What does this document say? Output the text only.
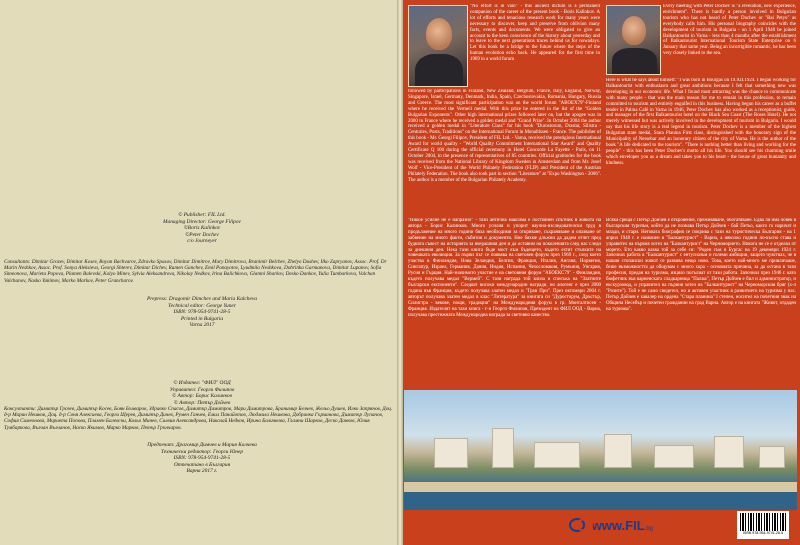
© Publisher: FIL Ltd.
Managing Director: George Filipov
©Boris Kalinkov
©Peter Dochev
c/o Journeyer
Consultants: Dimitar Grozev, Dimitar Kosev, Boyan Bachvarov, Zdravko Spasov, Dimitar Dimitrov, Mary Dimitrova, Branimir Belchev, Zhelyo Dushev, Ilko Zapryanov, Assoc. Prof. Dr Marin Neshkov, Assoc. Prof. Sonya Aleksieva, Georgi Shterev, Dimitar Dichev, Rumen Ganchev, Emil Panayotov, Lyudmila Neshkova, Dobrinka Garmanova, Dimitar Lupanov, Sofia Simeonova, Marieta Popova, Plamen Balevski, Kolyo Minev, Sylvia Aleksandrova, Nikolay Nedkov, Irina Balichkova, Glamni Sharkov, Desko Dankov, Yulia Tumbarkova, Valchan Valchanov, Nasko Yakimov, Marko Markov, Peter Grancharov.
Prepress: Dragomir Dimchev and Maria Kalcheva
Technical editor: George Yuner
ISBN: 978-954-9741-28-5
Printed in Bulgaria
Varna 2017
© Издател: "ФИЛ" ООД
Управител: Георги Филипов
© Автор: Борис Калинков
© Автор: Петър Дойчев
Консултанти: Димитър Грозев, Димитър Косев, Боян Бъчваров, Здравко Спасов, Димитър Димитров, Мари Димитрова, Бранимир Белчев, Жельо Душев, Илко Запрянов, Доц. д-р Марин Нешков, Доц. д-р Соня Алексиева, Георги Щерев, Димитър Дичев, Румен Ганчев, Емил Панайотов, Людмила Нешкова, Добринка Гърманова, Димитър Лупанов, София Симеонова, Мариета Попова, Пламен Балевски, Кольо Минев, Силвия Александрова, Николай Недков, Ирина Баличкова, Гламни Шарков, Деско Данков, Юлия Тумбаркова, Вълчан Вълчанов, Наско Якимов, Марко Марков, Петър Грънчаров.
Предпечат: Драгомир Димчев и Мария Калчева
Технически редактор: Георги Юнер
ISBN: 978-954-9741-28-5
Отпечатано в България
Варна 2017 г.
"No effort is in vain" - this ancient dictum is a permanent companion of the career of the present book - Boris Kalinkov. A lot of efforts and tenacious research work for many years were necessary to discover, keep and preserve from oblivion many facts, events and documents. We were obligated to give an account to the keen conscience of the history about yesterday and to leave to the next generations traces behind us for nowadays. Let this book be a bridge to the future where the steps of the human evolution echo back. He appeared for the first time in 1969 in a world forum
followed by participations in Finland, New Zealand, Belgium, France, Italy, England, Norway, Singapore, Israel, Germany, Denmark, India, Spain, Czechoslovakia, Romania, Hungary, Russia and Greece. The most significant participation was on the world forum "ABOEX79"-Finland where he received the Vermeil medal. With this prize he entered in the list of the "Golden Bulgarian Exponents". Other high international prizes followed later on, but the apogee was in 2000 in France where he received a golden medal and "Grand Prize". In October 2004 the author received a golden medal in "Literature Class" for his book "Durostorum, Drastar, Silistra - Centuries, Posts, Traditions" on the International Forum in Monaltissen - France. The publisher of this book - Mr. Georgi Filipov, President of FIL Ltd. - Varna, received the prestigious International Award for world quality - "World Quality Commitment International Star Award" and Quality Certificate Q 100 during the official ceremony in Hotel Concorde La Fayette - Paris, on 11 October 2004, in the presence of representatives of 85 countries. Official gratitudes for the book was received from the National Library of Kingdom Sweden in Amsterdam and from Mr. Josef Wolf - Vice-President of the World Philately Federation (FLIP) and President of the Austrian Philately Federation. The book also took part in section "Literature" at "Expo Washington - 2006". The author is a member of the Bulgarian Philately Academy.
"Никое усилие не е напразно" - тази антична максима е постоянен спътник в живота на автора - Борис Калинков. Много усилия и упорит научно-изследователски труд в продължение на много години бяха необходими за откриване, съхраняване и опазване от забвение на много факти, събития и документи. Ние бяхме длъжни да дадем отчет пред будната съвест на историята за вчерашния ден и да оставим на поколенията след нас следи за днешния ден. Нека тази книга бъде мост към бъдещето, където ехтят стъпките на човешката еволюция. За първи път се появява на световен форум през 1969 г., след което участва в Финландия, Нова Зеландия, Белгия, Франция, Италия, Англия, Норвегия, Сингапур, Израел, Германия, Дания, Индия, Испания, Чехословакия, Румъния, Унгария, Русия и Гърция. Най-значимото участие е на световния форум "АБОЕКС79" - Финландия, където получава медал "Вермей". С тази награда той влиза в списъка на "Златните български експоненти". Следват високи международни награди, но апогеят е през 2000 година във Франция, където получава златен медал и "Гран При". През октомври 2004 г. авторът получава златен медал в клас "Литература" за книгата си "Дуросторум, Дръстър, Силистра - векове, пощи, традиции" на Международния форум в гр. Монталтисен - Франция. Издателят на тази книга - г-н Георги Филипов, Президент на ФИЛ ООД - Варна, получава престижната Международна награда за световно качество.
Every meeting with Peter Dochev is "a revelation, new experience, enrichment". There is hardly a person involved in Bulgarian tourism who has not heard of Peter Dochev or "Bai Petyo" as everybody calls him. His personal biography coincides with the development of tourism in Bulgaria - on 1 April 1948 he joined Balkantourist in Varna - less than 4 months after the establishment of Balkantourist International Tourism State Enterprise on 6 January that same year. Being an incorrigible romantic, he has been very closely linked to the sea.
Here is what he says about himself: "I was born in Bourgas on 19.XII.1924. I began working for Balkantourist with enthusiasm and great ambitions because I felt that something new was developing in our economic life. What I found most attracting was the chance to communicate with many people - that was the main reason for me to remain in this profession, to remain committed to tourism and entirely engulfed in this business. Having begun his career as a buffet tender in Palma Café in Varna in 1946, Peter Dochev has also worked as a receptionist, guide, and manager of the first Balkantourist hotel on the Black Sea Coast (The Roses Hotel). He not merely witnessed but was actively involved in the development of tourism in Bulgaria. I would say that his life story is a real legend in tourism. Peter Dochev is a member of the highest Bulgarian state medal, Stara Planina First class, distinguished with the honorary sign of the Municipality of Nessebar and an honorary citizen of the city of Varna. He is the author of the book "A life dedicated to the tourism". "There is nothing better than living and working for the people" - this has been Peter Dochev's motto all his life. You should see his charming smile which envelopes you as a dream and takes you to his heart - the house of great humanity and kindness.
Всяка среща с Петър Дойчев е откровение, преживяване, обогатяване. Едва ли има човек в българския туризъм, който да не познава Петър Дойчев - бай Петьо, както го наричат и млади, и стари. Неговата биография се покрива с тази на туристическа България - на 1 април 1948 г. е назначен в "Балкантурист" - Варна, а няколко години по-късно става и управител на първия хотел на "Балкантурист" на Черноморието. Никога не се е отделял от морето. Ето какво казва той за себе си: "Роден съм в Бургас на 19 декември 1924 г. Започнах работа в "Балкантурист" с ентусиазъм и големи амбиции, защото чувствах, че в нашия стопански живот се развива нещо ново. Това, което най-много ме привличаше, беше възможността да общувам с много хора - основната причина, за да остана в тази професия, предан на туризма, изцяло погълнат от тази работа. Започнал през 1946 г. като бюфетчик във варненската сладкарница "Палма", Петър Дойчев е бил и администратор, и екскурзовод, и управител на първия хотел на "Балкантурист" на Черноморския бряг (х-л "Розите"). Той е не само свидетел, но и активен участник в развитието на туризма у нас. Петър Дойчев е кавалер на ордена "Стара планина" I степен, носител на почетния знак на Община Несебър и почетен гражданин на град Варна. Автор е на книгата "Живот, отдаден на туризма".
www.FIL.bg
ISBN 978-954-9741-28-5
